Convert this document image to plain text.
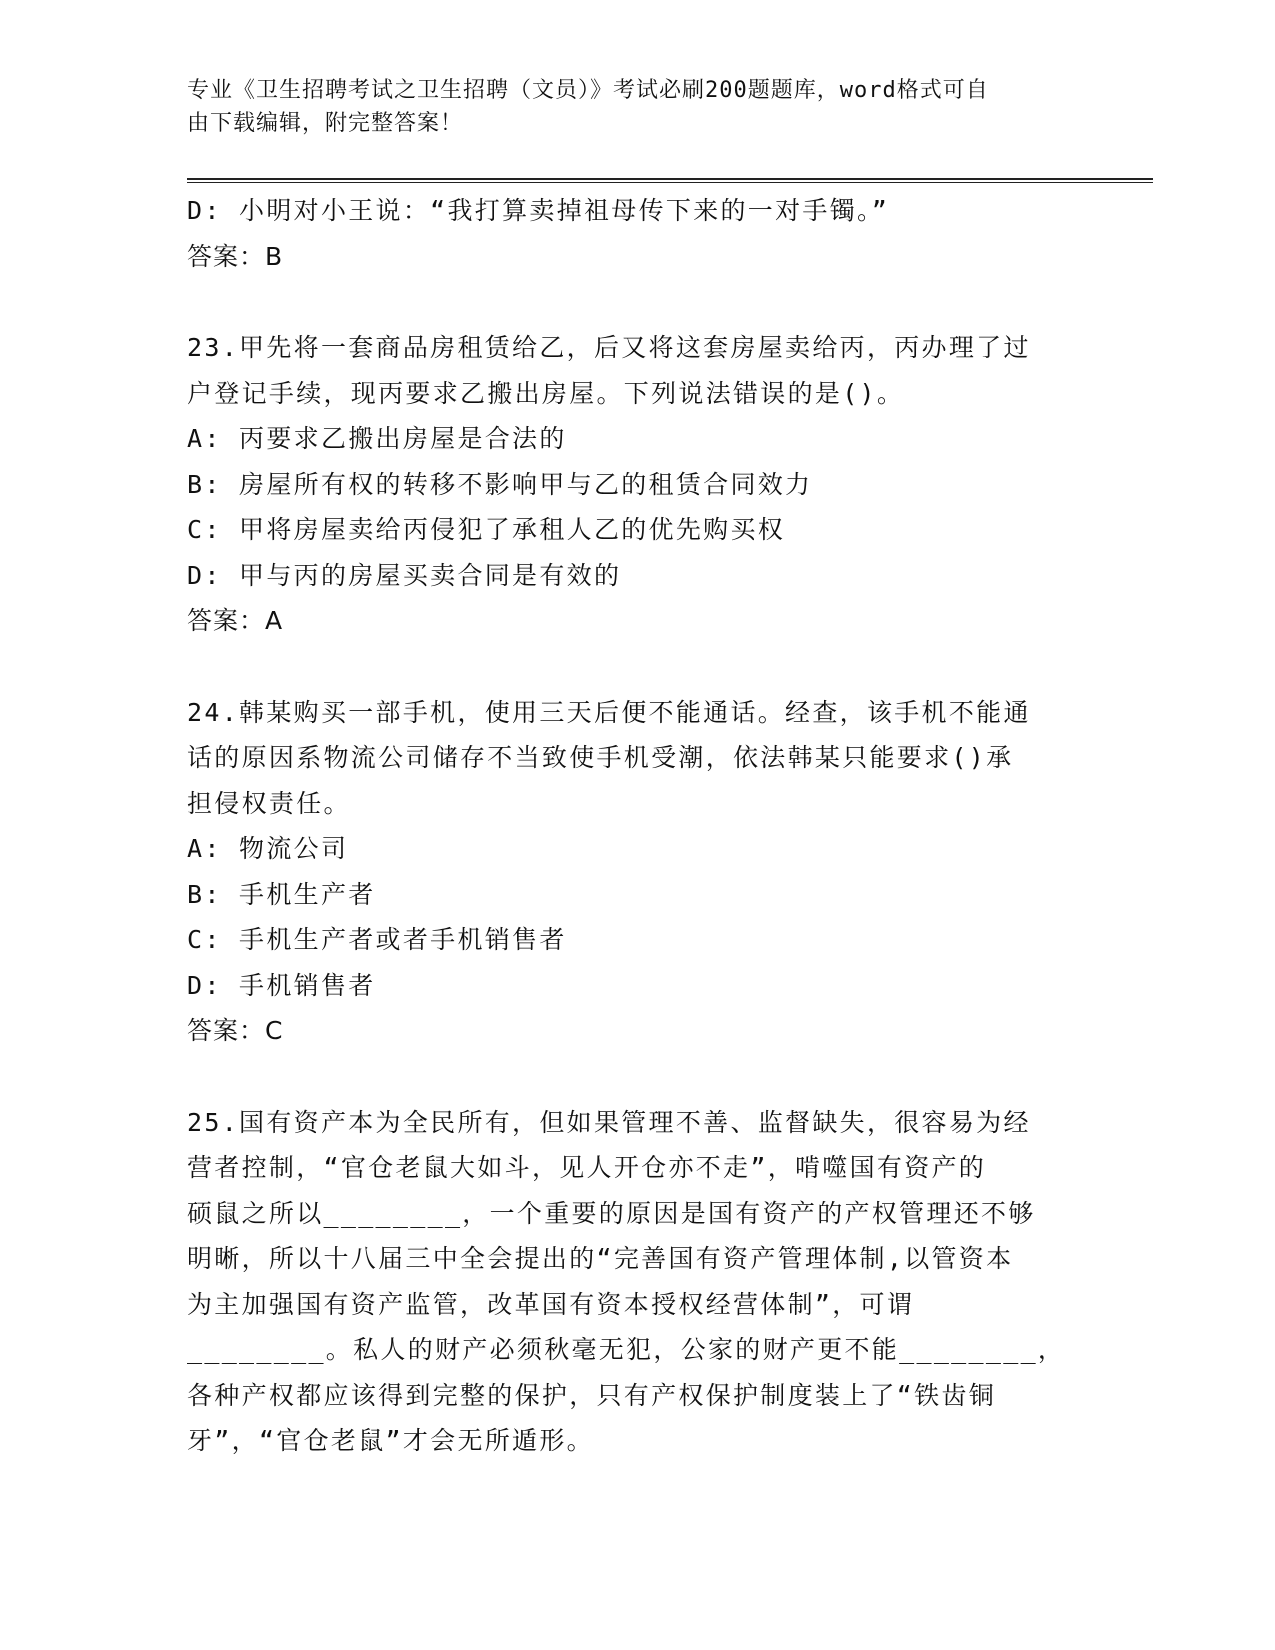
专业《卫生招聘考试之卫生招聘（文员）》考试必刷200题题库，word格式可自
由下载编辑，附完整答案！
D: 小明对小王说：“我打算卖掉祖母传下来的一对手镯。”
答案：B
23.甲先将一套商品房租赁给乙，后又将这套房屋卖给丙，丙办理了过
户登记手续，现丙要求乙搬出房屋。下列说法错误的是()。
A: 丙要求乙搬出房屋是合法的
B: 房屋所有权的转移不影响甲与乙的租赁合同效力
C: 甲将房屋卖给丙侵犯了承租人乙的优先购买权
D: 甲与丙的房屋买卖合同是有效的
答案：A
24.韩某购买一部手机，使用三天后便不能通话。经查，该手机不能通
话的原因系物流公司储存不当致使手机受潮，依法韩某只能要求()承
担侵权责任。
A: 物流公司
B: 手机生产者
C: 手机生产者或者手机销售者
D: 手机销售者
答案：C
25.国有资产本为全民所有，但如果管理不善、监督缺失，很容易为经
营者控制，“官仓老鼠大如斗，见人开仓亦不走”，啃噬国有资产的
硕鼠之所以________，一个重要的原因是国有资产的产权管理还不够
明晰，所以十八届三中全会提出的“完善国有资产管理体制,以管资本
为主加强国有资产监管，改革国有资本授权经营体制”，可谓
________。私人的财产必须秋毫无犯，公家的财产更不能________，
各种产权都应该得到完整的保护，只有产权保护制度装上了“铁齿铜
牙”，“官仓老鼠”才会无所遁形。
